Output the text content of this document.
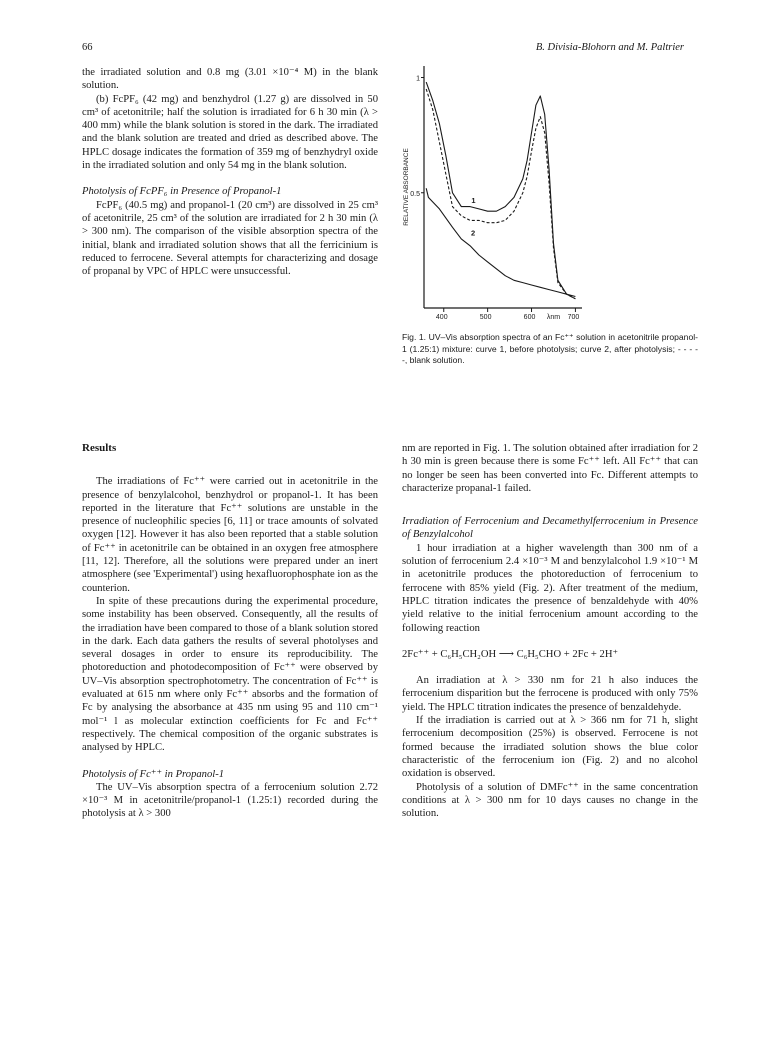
66	B. Divisia-Blohorn and M. Paltrier

the irradiated solution and 0.8 mg (3.01 ×10⁻⁴ M) in the blank solution.

(b) FcPF₆ (42 mg) and benzhydrol (1.27 g) are dissolved in 50 cm³ of acetonitrile; half the solution is irradiated for 6 h 30 min (λ > 400 mm) while the blank solution is stored in the dark. The irradiated and the blank solution are treated and dried as described above. The HPLC dosage indicates the formation of 359 mg of benzhydryl oxide in the irradiated solution and only 54 mg in the blank solution.

Photolysis of FcPF₆ in Presence of Propanol-1

FcPF₆ (40.5 mg) and propanol-1 (20 cm³) are dissolved in 25 cm³ of acetonitrile, 25 cm³ of the solution are irradiated for 2 h 30 min (λ > 300 nm). The comparison of the visible absorption spectra of the initial, blank and irradiated solution shows that all the ferricinium is reduced to ferrocene. Several attempts for characterizing and dosage of propanal by VPC of HPLC were unsuccessful.

1
0.5
400	500	600	700
λnm
RELATIVE ABSORBANCE	1
2
Fig. 1. UV–Vis absorption spectra of an Fc⁺⁺ solution in acetonitrile propanol-1 (1.25:1) mixture: curve 1, before photolysis; curve 2, after photolysis; - - - - -, blank solution.

Results

The irradiations of Fc⁺⁺ were carried out in acetonitrile in the presence of benzylalcohol, benzhydrol or propanol-1. It has been reported in the literature that Fc⁺⁺ solutions are unstable in the presence of nucleophilic species [6, 11] or trace amounts of solvated oxygen [12]. However it has also been reported that a stable solution of Fc⁺⁺ in acetonitrile can be obtained in an oxygen free atmosphere [11, 12]. Therefore, all the solutions were prepared under an inert atmosphere (see 'Experimental') using hexafluorophosphate ion as the counterion.

In spite of these precautions during the experimental procedure, some instability has been observed. Consequently, all the results of the irradiation have been compared to those of a blank solution stored in the dark. Each data gathers the results of several photolyses and several dosages in order to ensure its reproducibility. The photoreduction and photodecomposition of Fc⁺⁺ were observed by UV–Vis absorption spectrophotometry. The concentration of Fc⁺⁺ is evaluated at 615 nm where only Fc⁺⁺ absorbs and the formation of Fc by analysing the absorbance at 435 nm using 95 and 110 cm⁻¹ mol⁻¹ l as molecular extinction coefficients for Fc and Fc⁺⁺ respectively. The chemical composition of the organic substrates is analysed by HPLC.

Photolysis of Fc⁺⁺ in Propanol-1

The UV–Vis absorption spectra of a ferrocenium solution 2.72 ×10⁻³ M in acetonitrile/propanol-1 (1.25:1) recorded during the photolysis at λ > 300

nm are reported in Fig. 1. The solution obtained after irradiation for 2 h 30 min is green because there is some Fc⁺⁺ left. All Fc⁺⁺ that can no longer be seen has been converted into Fc. Different attempts to characterize propanal-1 failed.

Irradiation of Ferrocenium and Decamethylferrocenium in Presence of Benzylalcohol

1 hour irradiation at a higher wavelength than 300 nm of a solution of ferrocenium 2.4 ×10⁻³ M and benzylalcohol 1.9 ×10⁻¹ M in acetonitrile produces the photoreduction of ferrocenium to ferrocene with 85% yield (Fig. 2). After treatment of the medium, HPLC titration indicates the presence of benzaldehyde with 40% yield relative to the initial ferrocenium amount according to the following reaction

2Fc⁺⁺ + C₆H₅CH₂OH ⟶ C₆H₅CHO + 2Fc + 2H⁺

An irradiation at λ > 330 nm for 21 h also induces the ferrocenium disparition but the ferrocene is produced with only 75% yield. The HPLC titration indicates the presence of benzaldehyde.

If the irradiation is carried out at λ > 366 nm for 71 h, slight ferrocenium decomposition (25%) is observed. Ferrocene is not formed because the irradiated solution shows the blue color characteristic of the ferrocenium ion (Fig. 2) and no alcohol oxidation is observed.

Photolysis of a solution of DMFc⁺⁺ in the same concentration conditions at λ > 300 nm for 10 days causes no change in the solution.
